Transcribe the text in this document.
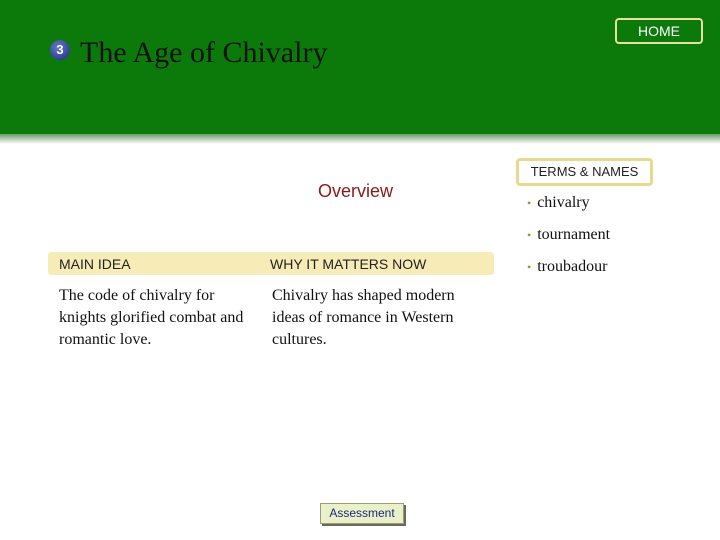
3 The Age of Chivalry
HOME
Overview
TERMS & NAMES
• chivalry
• tournament
• troubadour
MAIN IDEA	WHY IT MATTERS NOW
The code of chivalry for knights glorified combat and romantic love.
Chivalry has shaped modern ideas of romance in Western cultures.
Assessment
